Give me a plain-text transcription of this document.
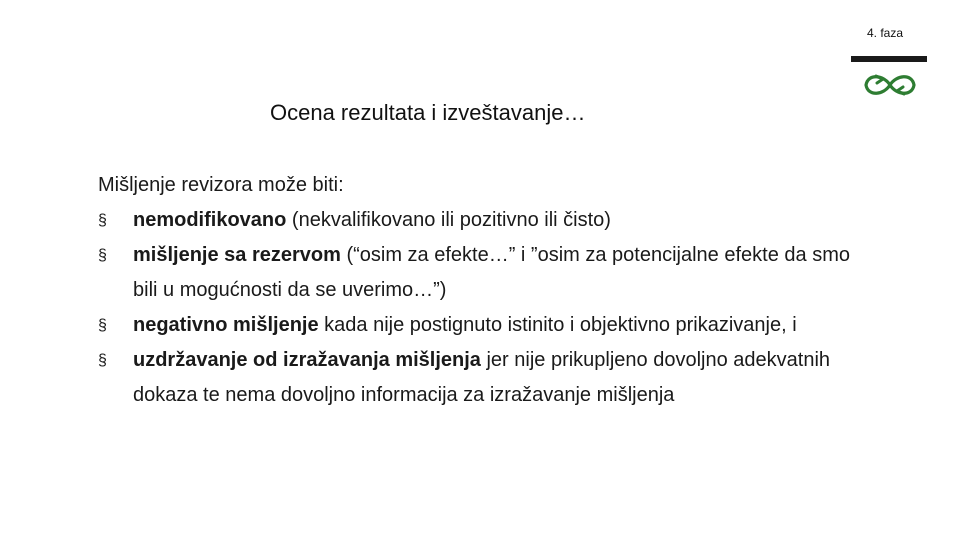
4. faza
Ocena rezultata i izveštavanje…

Mišljenje revizora može biti:

§ nemodifikovano (nekvalifikovano ili pozitivno ili čisto)
§ mišljenje sa rezervom (“osim za efekte…” i ”osim za potencijalne efekte da smo bili u mogućnosti da se uverimo…”)
§ negativno mišljenje kada nije postignuto istinito i objektivno prikazivanje, i
§ uzdržavanje od izražavanja mišljenja jer nije prikupljeno dovoljno adekvatnih dokaza te nema dovoljno informacija za izražavanje mišljenja
